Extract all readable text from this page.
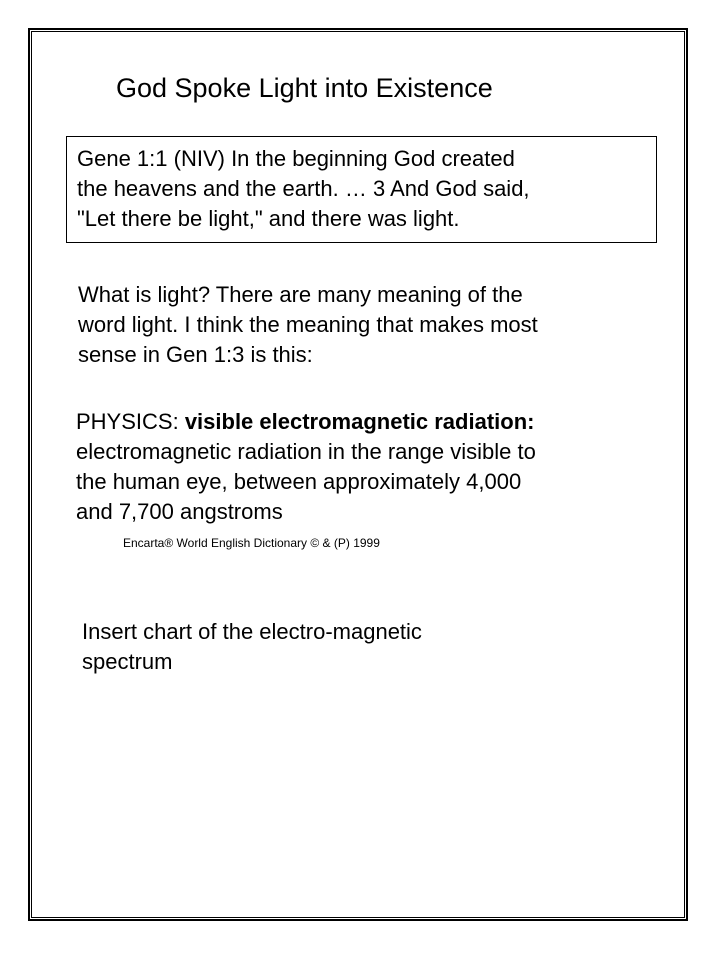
God Spoke Light into Existence
Gene 1:1 (NIV) In the beginning God created
the heavens and the earth. … 3 And God said,
"Let there be light," and there was light.
What is light? There are many meaning of the
word light. I think the meaning that makes most
sense in Gen 1:3 is this:
PHYSICS: visible electromagnetic radiation:
electromagnetic radiation in the range visible to
the human eye, between approximately 4,000
and 7,700 angstroms
Encarta® World English Dictionary © & (P) 1999
Insert chart of the electro-magnetic
spectrum
